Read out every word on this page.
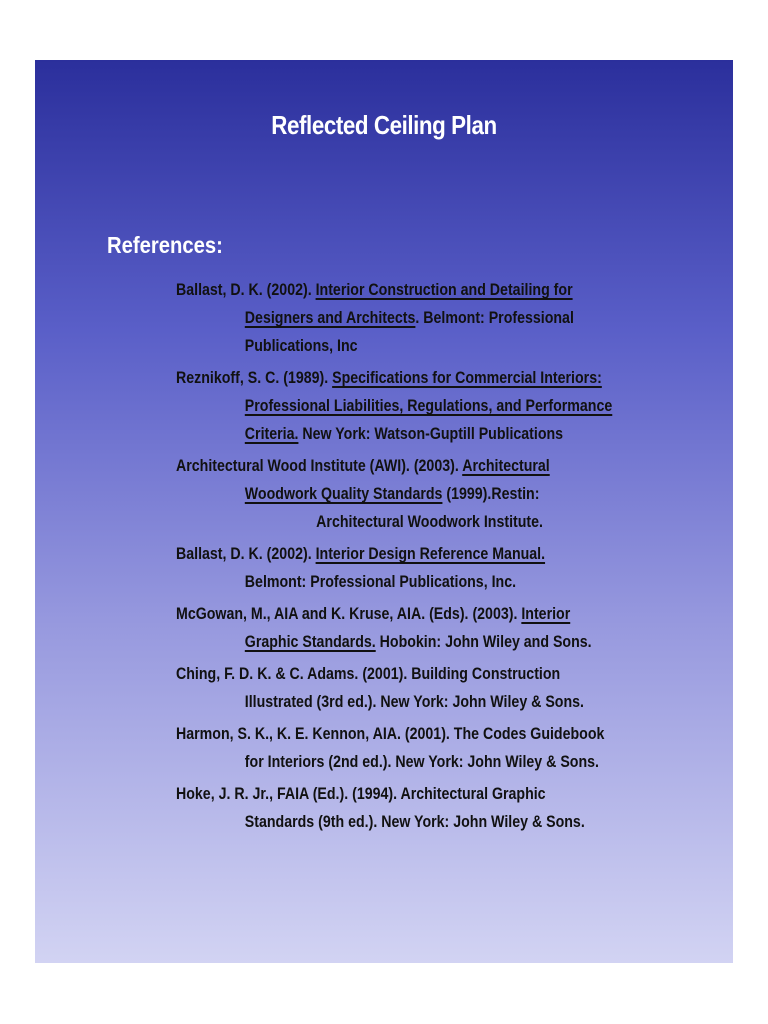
Reflected Ceiling Plan
References:
Ballast, D. K. (2002). Interior Construction and Detailing for
Designers and Architects. Belmont: Professional
Publications, Inc
Reznikoff, S. C. (1989). Specifications for Commercial Interiors:
Professional Liabilities, Regulations, and Performance
Criteria. New York: Watson-Guptill Publications
Architectural Wood Institute (AWI). (2003). Architectural
Woodwork Quality Standards (1999).Restin:
Architectural Woodwork Institute.
Ballast, D. K. (2002). Interior Design Reference Manual.
Belmont: Professional Publications, Inc.
McGowan, M., AIA and K. Kruse, AIA. (Eds). (2003). Interior
Graphic Standards. Hobokin: John Wiley and Sons.
Ching, F. D. K. & C. Adams. (2001). Building Construction
Illustrated (3rd ed.). New York: John Wiley & Sons.
Harmon, S. K., K. E. Kennon, AIA. (2001). The Codes Guidebook
for Interiors (2nd ed.). New York: John Wiley & Sons.
Hoke, J. R. Jr., FAIA (Ed.). (1994). Architectural Graphic
Standards (9th ed.). New York: John Wiley & Sons.
